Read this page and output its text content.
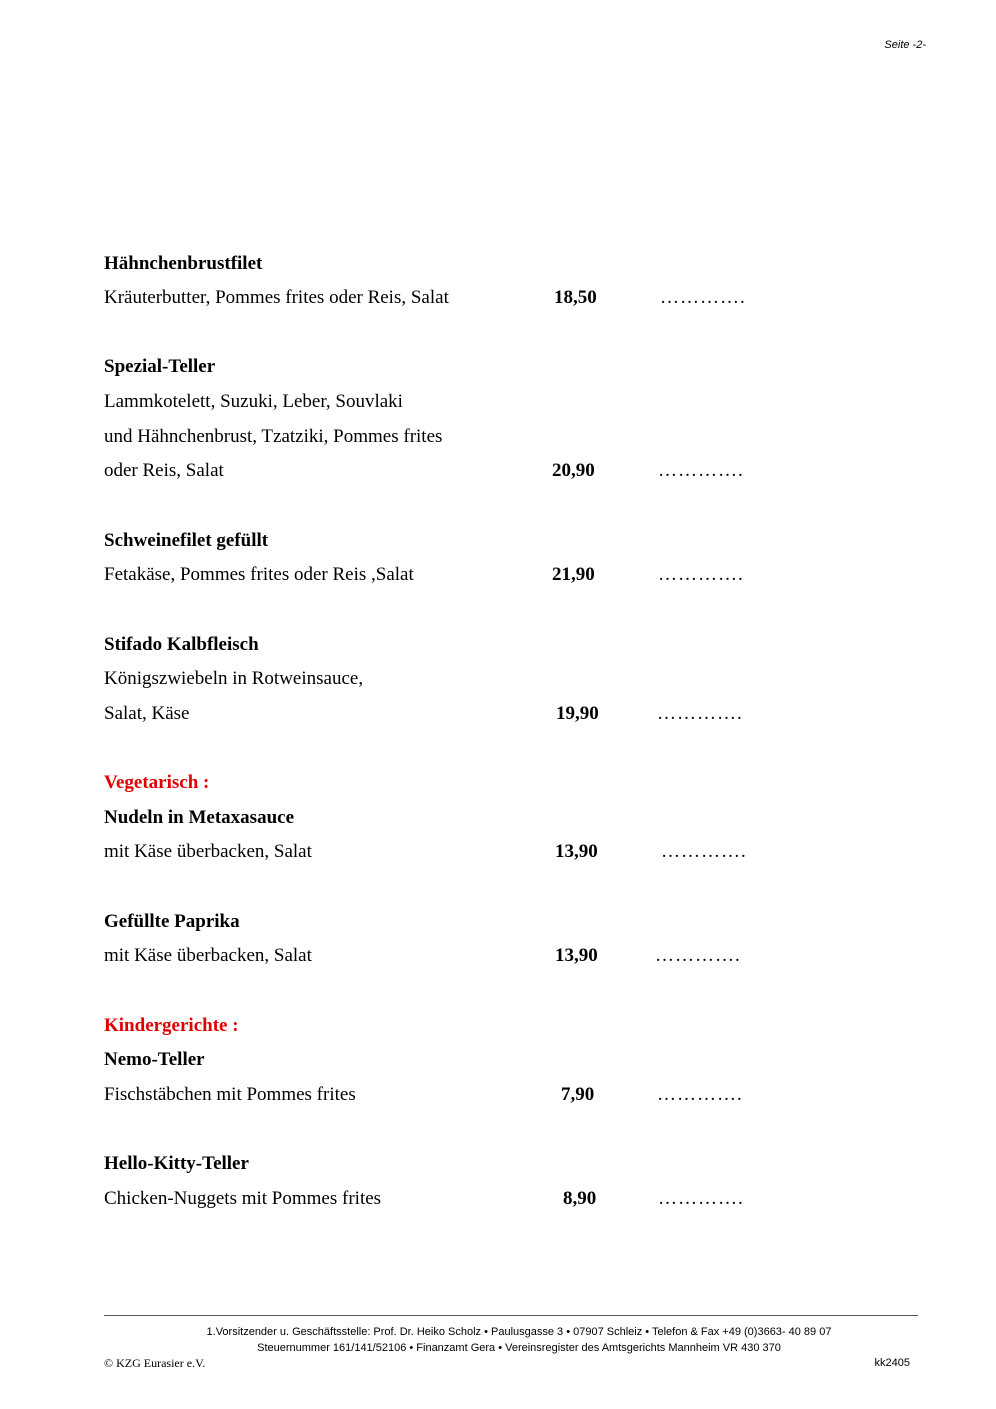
Seite -2-
Hähnchenbrustfilet
Kräuterbutter, Pommes frites oder Reis, Salat	18,50	………….
Spezial-Teller
Lammkotelett, Suzuki, Leber, Souvlaki
und Hähnchenbrust, Tzatziki, Pommes frites
oder Reis, Salat	20,90	………….
Schweinefilet gefüllt
Fetakäse, Pommes frites oder Reis ,Salat	21,90	………….
Stifado Kalbfleisch
Königszwiebeln in Rotweinsauce,
Salat, Käse	19,90	………….
Vegetarisch :
Nudeln in Metaxasauce
mit Käse überbacken, Salat	13,90	………….
Gefüllte Paprika
mit Käse überbacken, Salat	13,90	………….
Kindergerichte :
Nemo-Teller
Fischstäbchen mit Pommes frites	7,90	………….
Hello-Kitty-Teller
Chicken-Nuggets mit Pommes frites	8,90	………….
1.Vorsitzender u. Geschäftsstelle: Prof. Dr. Heiko Scholz • Paulusgasse 3 • 07907 Schleiz • Telefon & Fax +49 (0)3663- 40 89 07
Steuernummer 161/141/52106 • Finanzamt Gera • Vereinsregister des Amtsgerichts Mannheim VR 430 370
© KZG Eurasier e.V.	kk2405
